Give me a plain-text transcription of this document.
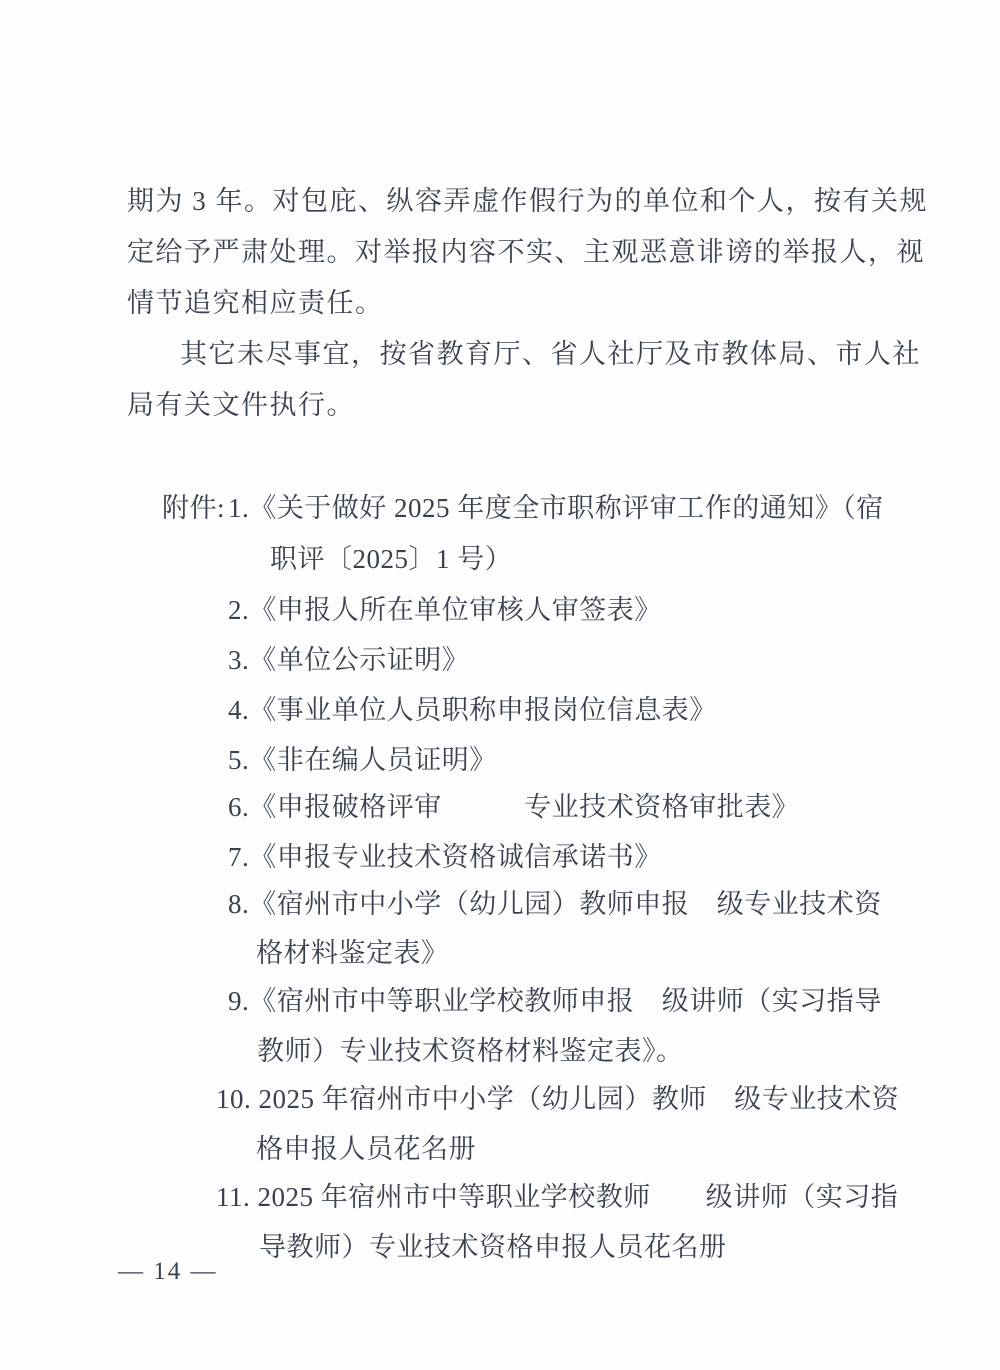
期为 3 年。对包庇、纵容弄虚作假行为的单位和个人，按有关规
定给予严肃处理。对举报内容不实、主观恶意诽谤的举报人，视
情节追究相应责任。
其它未尽事宜，按省教育厅、省人社厅及市教体局、市人社
局有关文件执行。
附件: 1.《关于做好 2025 年度全市职称评审工作的通知》（宿
职评〔2025〕1 号）
2.《申报人所在单位审核人审签表》
3.《单位公示证明》
4.《事业单位人员职称申报岗位信息表》
5.《非在编人员证明》
6.《申报破格评审　　　专业技术资格审批表》
7.《申报专业技术资格诚信承诺书》
8.《宿州市中小学（幼儿园）教师申报　级专业技术资
格材料鉴定表》
9.《宿州市中等职业学校教师申报　级讲师（实习指导
教师）专业技术资格材料鉴定表》。
10. 2025 年宿州市中小学（幼儿园）教师　级专业技术资
格申报人员花名册
11. 2025 年宿州市中等职业学校教师　　级讲师（实习指
导教师）专业技术资格申报人员花名册
— 14 —
